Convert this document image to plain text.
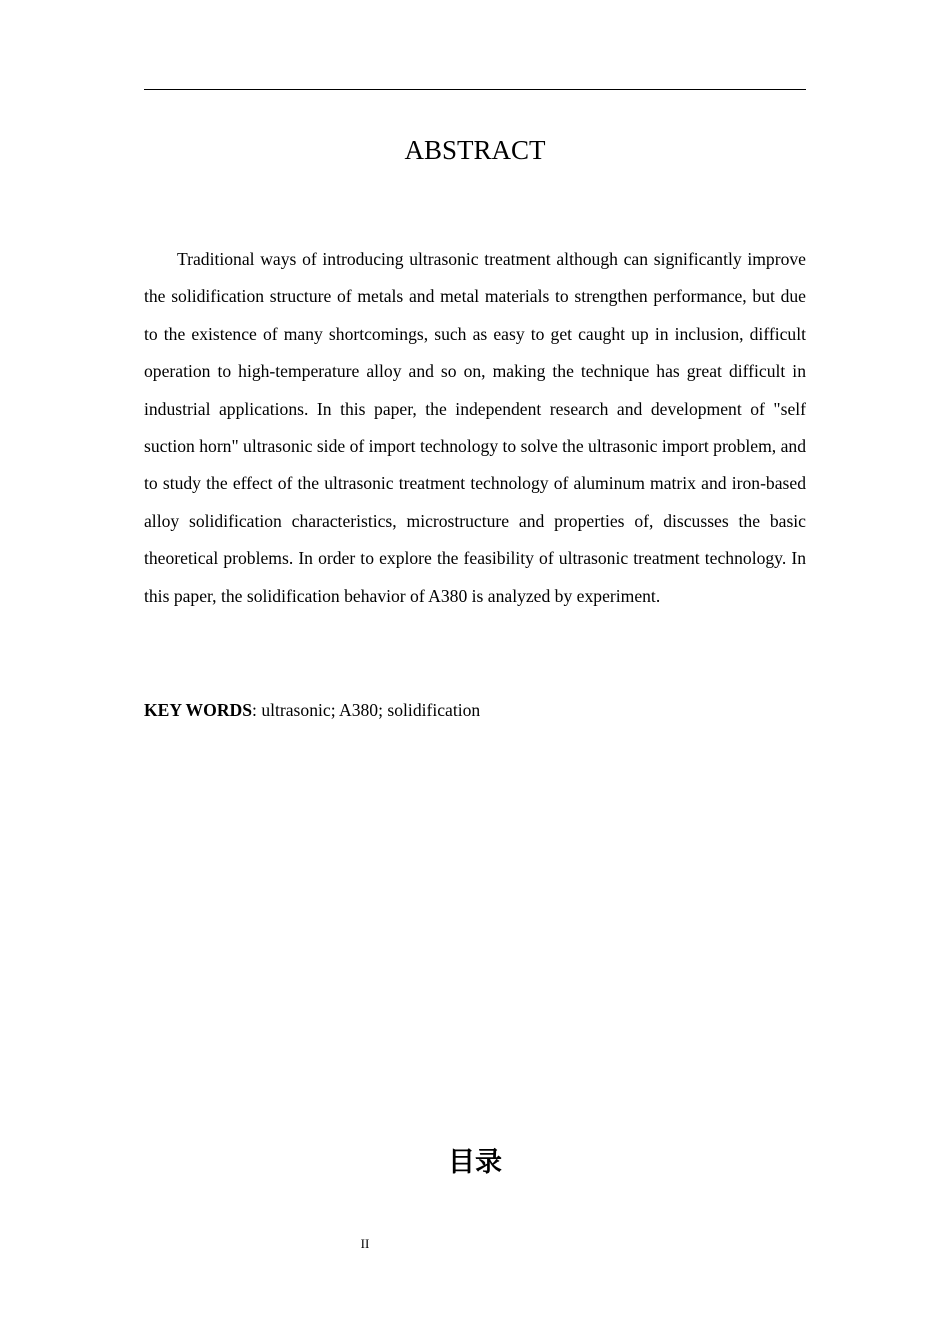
ABSTRACT

Traditional ways of introducing ultrasonic treatment although can significantly improve the solidification structure of metals and metal materials to strengthen performance, but due to the existence of many shortcomings, such as easy to get caught up in inclusion, difficult operation to high-temperature alloy and so on, making the technique has great difficult in industrial applications. In this paper, the independent research and development of "self suction horn" ultrasonic side of import technology to solve the ultrasonic import problem, and to study the effect of the ultrasonic treatment technology of aluminum matrix and iron-based alloy solidification characteristics, microstructure and properties of, discusses the basic theoretical problems. In order to explore the feasibility of ultrasonic treatment technology. In this paper, the solidification behavior of A380 is analyzed by experiment.

KEY WORDS: ultrasonic; A380; solidification
目录
II
